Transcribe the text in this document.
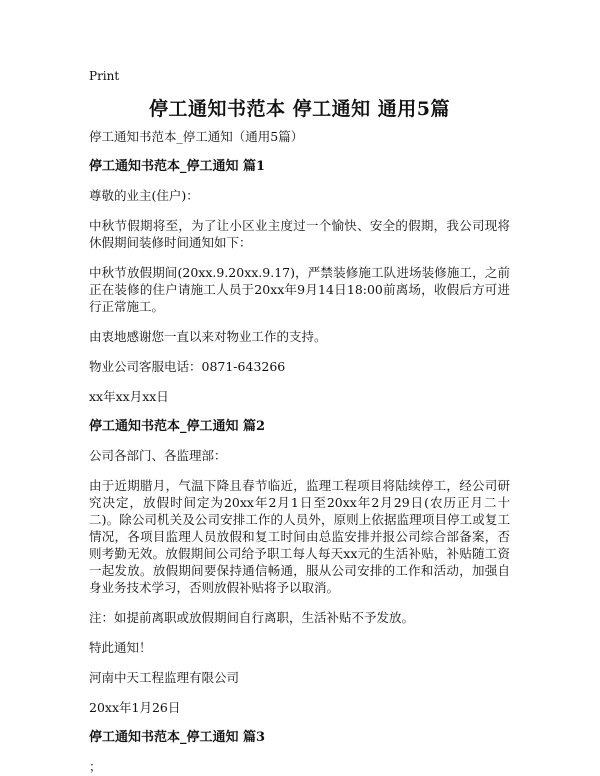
Print
停工通知书范本 停工通知 通用5篇
停工通知书范本_停工通知（通用5篇）
停工通知书范本_停工通知 篇1
尊敬的业主(住户)：
中秋节假期将至，为了让小区业主度过一个愉快、安全的假期，我公司现将休假期间装修时间通知如下：
中秋节放假期间(20xx.9.20xx.9.17)，严禁装修施工队进场装修施工，之前正在装修的住户请施工人员于20xx年9月14日18:00前离场，收假后方可进行正常施工。
由衷地感谢您一直以来对物业工作的支持。
物业公司客服电话：0871-643266
xx年xx月xx日
停工通知书范本_停工通知 篇2
公司各部门、各监理部：
由于近期腊月，气温下降且春节临近，监理工程项目将陆续停工，经公司研究决定，放假时间定为20xx年2月1日至20xx年2月29日(农历正月二十二)。除公司机关及公司安排工作的人员外，原则上依据监理项目停工或复工情况，各项目监理人员放假和复工时间由总监安排并报公司综合部备案，否则考勤无效。放假期间公司给予职工每人每天xx元的生活补贴，补贴随工资一起发放。放假期间要保持通信畅通，服从公司安排的工作和活动，加强自身业务技术学习，否则放假补贴将予以取消。
注：如提前离职或放假期间自行离职，生活补贴不予发放。
特此通知！
河南中天工程监理有限公司
20xx年1月26日
停工通知书范本_停工通知 篇3
；
